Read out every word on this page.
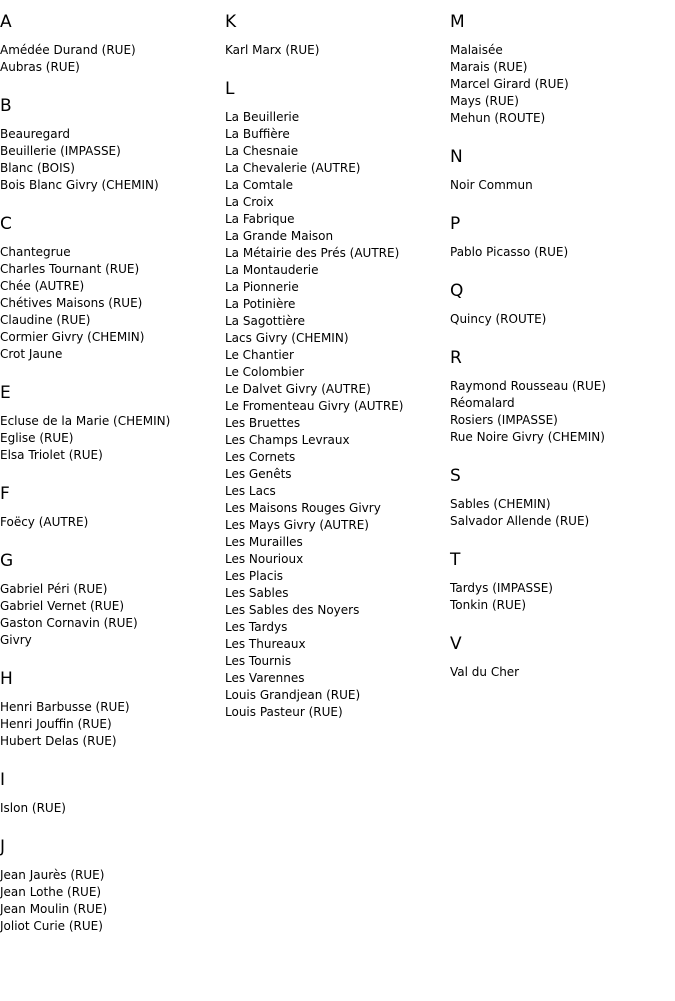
A
Amédée Durand (RUE)
Aubras (RUE)
B
Beauregard
Beuillerie (IMPASSE)
Blanc (BOIS)
Bois Blanc Givry (CHEMIN)
C
Chantegrue
Charles Tournant (RUE)
Chée (AUTRE)
Chétives Maisons (RUE)
Claudine (RUE)
Cormier Givry (CHEMIN)
Crot Jaune
E
Ecluse de la Marie (CHEMIN)
Eglise (RUE)
Elsa Triolet (RUE)
F
Foëcy (AUTRE)
G
Gabriel Péri (RUE)
Gabriel Vernet (RUE)
Gaston Cornavin (RUE)
Givry
H
Henri Barbusse (RUE)
Henri Jouffin (RUE)
Hubert Delas (RUE)
I
Islon (RUE)
J
Jean Jaurès (RUE)
Jean Lothe (RUE)
Jean Moulin (RUE)
Joliot Curie (RUE)
K
Karl Marx (RUE)
L
La Beuillerie
La Buffière
La Chesnaie
La Chevalerie (AUTRE)
La Comtale
La Croix
La Fabrique
La Grande Maison
La Métairie des Prés (AUTRE)
La Montauderie
La Pionnerie
La Potinière
La Sagottière
Lacs Givry (CHEMIN)
Le Chantier
Le Colombier
Le Dalvet Givry (AUTRE)
Le Fromenteau Givry (AUTRE)
Les Bruettes
Les Champs Levraux
Les Cornets
Les Genêts
Les Lacs
Les Maisons Rouges Givry
Les Mays Givry (AUTRE)
Les Murailles
Les Nourioux
Les Placis
Les Sables
Les Sables des Noyers
Les Tardys
Les Thureaux
Les Tournis
Les Varennes
Louis Grandjean (RUE)
Louis Pasteur (RUE)
M
Malaisée
Marais (RUE)
Marcel Girard (RUE)
Mays (RUE)
Mehun (ROUTE)
N
Noir Commun
P
Pablo Picasso (RUE)
Q
Quincy (ROUTE)
R
Raymond Rousseau (RUE)
Réomalard
Rosiers (IMPASSE)
Rue Noire Givry (CHEMIN)
S
Sables (CHEMIN)
Salvador Allende (RUE)
T
Tardys (IMPASSE)
Tonkin (RUE)
V
Val du Cher
